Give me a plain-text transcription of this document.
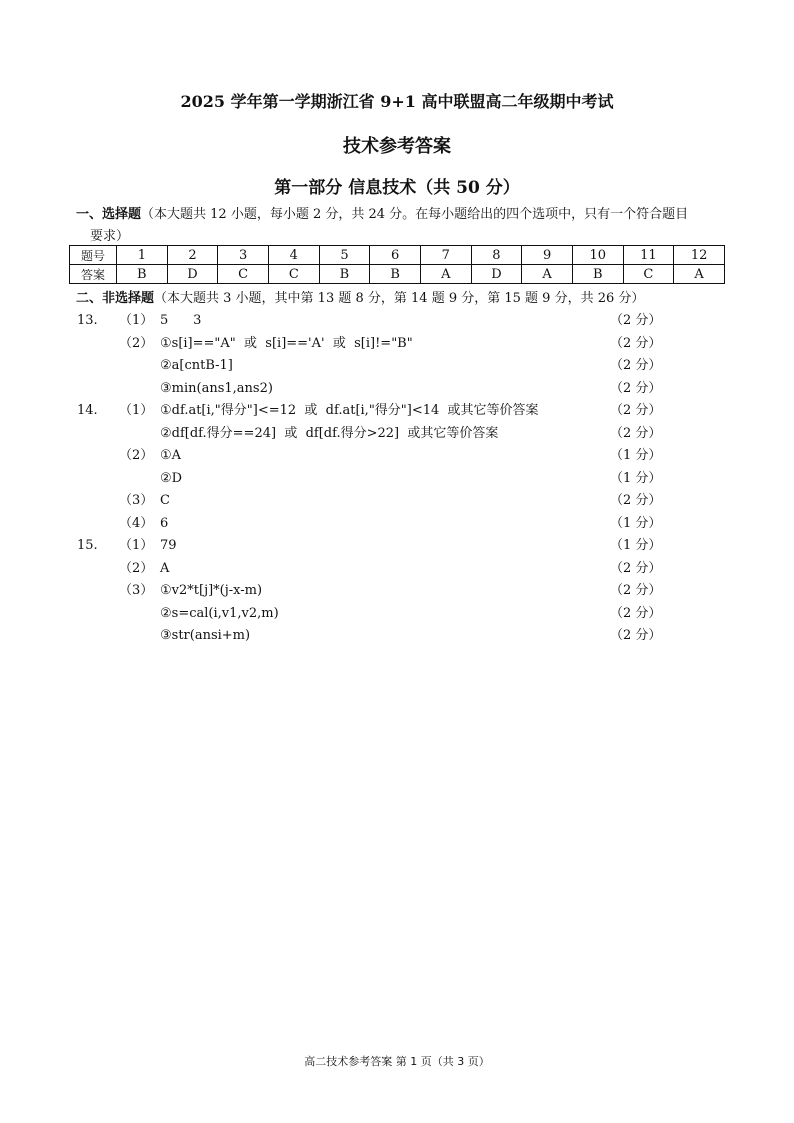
2025 学年第一学期浙江省 9+1 高中联盟高二年级期中考试
技术参考答案
第一部分 信息技术（共 50 分）
一、选择题（本大题共 12 小题，每小题 2 分，共 24 分。在每小题给出的四个选项中，只有一个符合题目
要求）
题号	1	2	3	4	5	6	7	8	9	10	11	12
答案	B	D	C	C	B	B	A	D	A	B	C	A
二、非选择题（本大题共 3 小题，其中第 13 题 8 分，第 14 题 9 分，第 15 题 9 分，共 26 分）
13. （1） 5      3	（2 分）
（2） ①s[i]=="A"  或  s[i]=='A'  或  s[i]!="B"	（2 分）
②a[cntB-1]	（2 分）
③min(ans1,ans2)	（2 分）
14. （1） ①df.at[i,"得分"]<=12  或  df.at[i,"得分"]<14  或其它等价答案	（2 分）
②df[df.得分==24]  或  df[df.得分>22]  或其它等价答案	（2 分）
（2） ①A	（1 分）
②D	（1 分）
（3） C	（2 分）
（4） 6	（1 分）
15. （1） 79	（1 分）
（2） A	（2 分）
（3） ①v2*t[j]*(j-x-m)	（2 分）
②s=cal(i,v1,v2,m)	（2 分）
③str(ansi+m)	（2 分）
高二技术参考答案 第 1 页（共 3 页）
